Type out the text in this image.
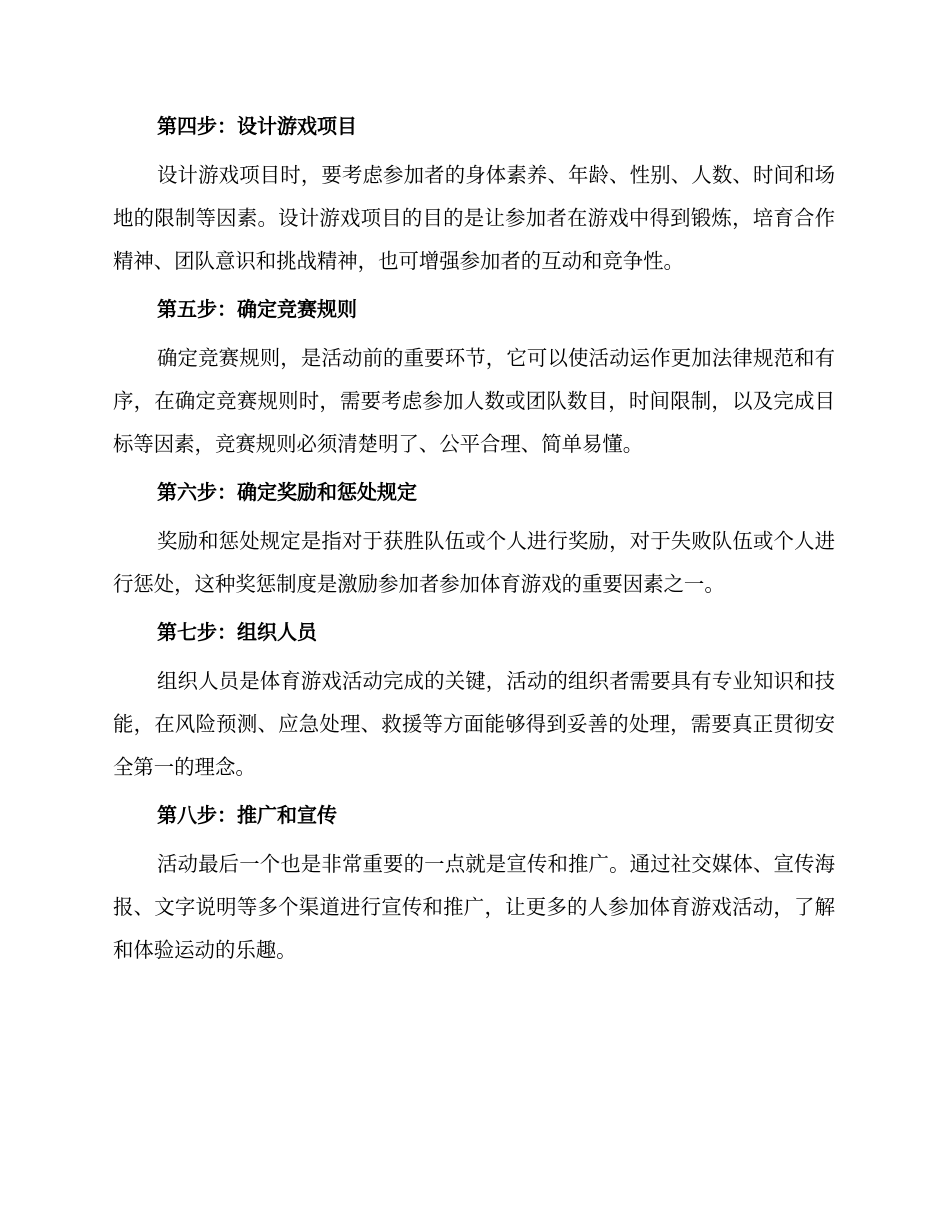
第四步：设计游戏项目

设计游戏项目时，要考虑参加者的身体素养、年龄、性别、人数、时间和场地的限制等因素。设计游戏项目的目的是让参加者在游戏中得到锻炼，培育合作精神、团队意识和挑战精神，也可增强参加者的互动和竞争性。

第五步：确定竞赛规则

确定竞赛规则，是活动前的重要环节，它可以使活动运作更加法律规范和有序，在确定竞赛规则时，需要考虑参加人数或团队数目，时间限制，以及完成目标等因素，竞赛规则必须清楚明了、公平合理、简单易懂。

第六步：确定奖励和惩处规定

奖励和惩处规定是指对于获胜队伍或个人进行奖励，对于失败队伍或个人进行惩处，这种奖惩制度是激励参加者参加体育游戏的重要因素之一。

第七步：组织人员

组织人员是体育游戏活动完成的关键，活动的组织者需要具有专业知识和技能，在风险预测、应急处理、救援等方面能够得到妥善的处理，需要真正贯彻安全第一的理念。

第八步：推广和宣传

活动最后一个也是非常重要的一点就是宣传和推广。通过社交媒体、宣传海报、文字说明等多个渠道进行宣传和推广，让更多的人参加体育游戏活动，了解和体验运动的乐趣。
